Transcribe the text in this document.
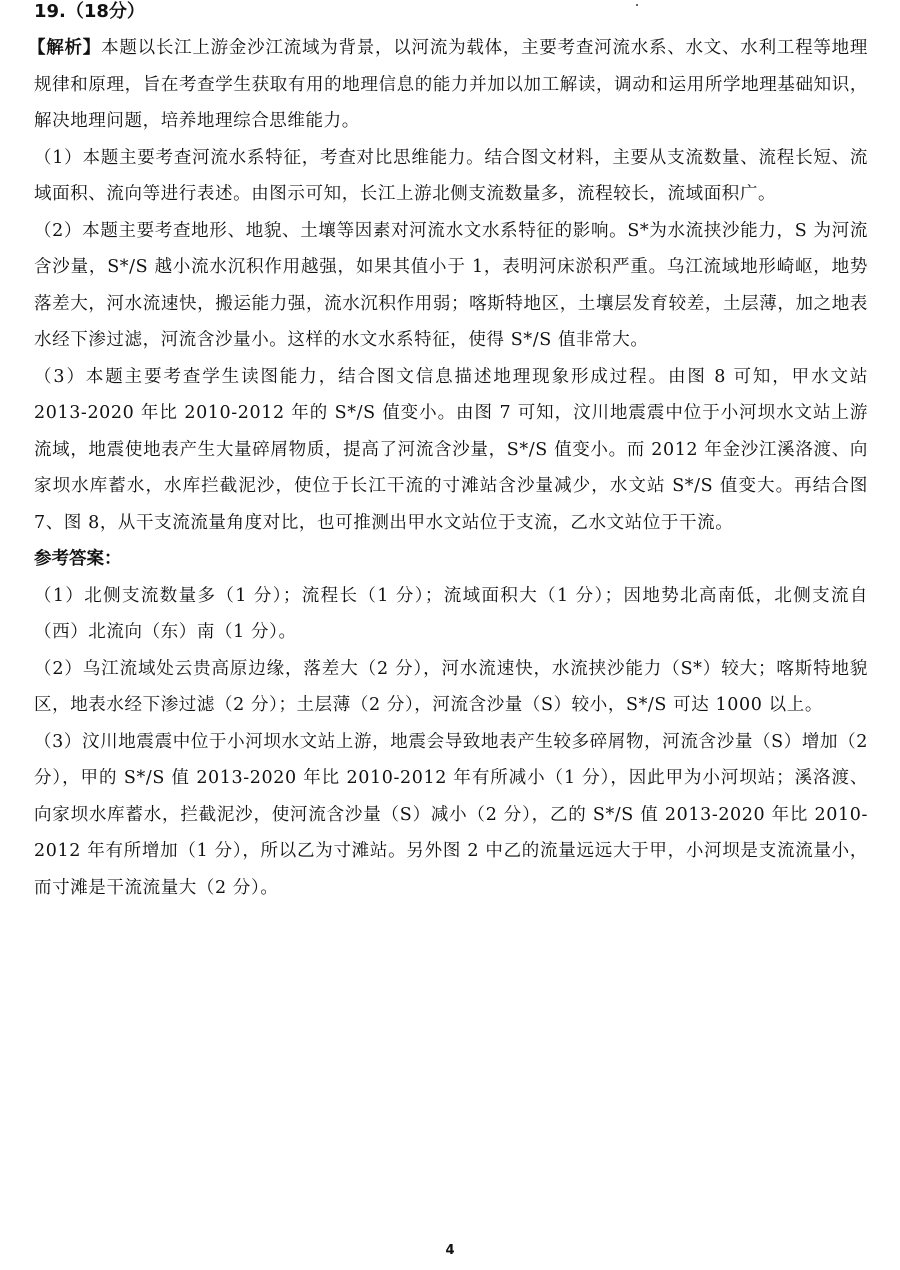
19.（18分）

【解析】本题以长江上游金沙江流域为背景，以河流为载体，主要考查河流水系、水文、水利工程等地理规律和原理，旨在考查学生获取有用的地理信息的能力并加以加工解读，调动和运用所学地理基础知识，解决地理问题，培养地理综合思维能力。

（1）本题主要考查河流水系特征，考查对比思维能力。结合图文材料，主要从支流数量、流程长短、流域面积、流向等进行表述。由图示可知，长江上游北侧支流数量多，流程较长，流域面积广。

（2）本题主要考查地形、地貌、土壤等因素对河流水文水系特征的影响。S*为水流挟沙能力，S 为河流含沙量，S*/S 越小流水沉积作用越强，如果其值小于 1，表明河床淤积严重。乌江流域地形崎岖，地势落差大，河水流速快，搬运能力强，流水沉积作用弱；喀斯特地区，土壤层发育较差，土层薄，加之地表水经下渗过滤，河流含沙量小。这样的水文水系特征，使得 S*/S 值非常大。

（3）本题主要考查学生读图能力，结合图文信息描述地理现象形成过程。由图 8 可知，甲水文站 2013-2020 年比 2010-2012 年的 S*/S 值变小。由图 7 可知，汶川地震震中位于小河坝水文站上游流域，地震使地表产生大量碎屑物质，提高了河流含沙量，S*/S 值变小。而 2012 年金沙江溪洛渡、向家坝水库蓄水，水库拦截泥沙，使位于长江干流的寸滩站含沙量减少，水文站 S*/S 值变大。再结合图 7、图 8，从干支流流量角度对比，也可推测出甲水文站位于支流，乙水文站位于干流。

参考答案：

（1）北侧支流数量多（1 分）；流程长（1 分）；流域面积大（1 分）；因地势北高南低，北侧支流自（西）北流向（东）南（1 分）。

（2）乌江流域处云贵高原边缘，落差大（2 分），河水流速快，水流挟沙能力（S*）较大；喀斯特地貌区，地表水经下渗过滤（2 分）；土层薄（2 分），河流含沙量（S）较小，S*/S 可达 1000 以上。

（3）汶川地震震中位于小河坝水文站上游，地震会导致地表产生较多碎屑物，河流含沙量（S）增加（2 分），甲的 S*/S 值 2013-2020 年比 2010-2012 年有所减小（1 分），因此甲为小河坝站；溪洛渡、向家坝水库蓄水，拦截泥沙，使河流含沙量（S）减小（2 分），乙的 S*/S 值 2013-2020 年比 2010-2012 年有所增加（1 分），所以乙为寸滩站。另外图 2 中乙的流量远远大于甲，小河坝是支流流量小，而寸滩是干流流量大（2 分）。

4
